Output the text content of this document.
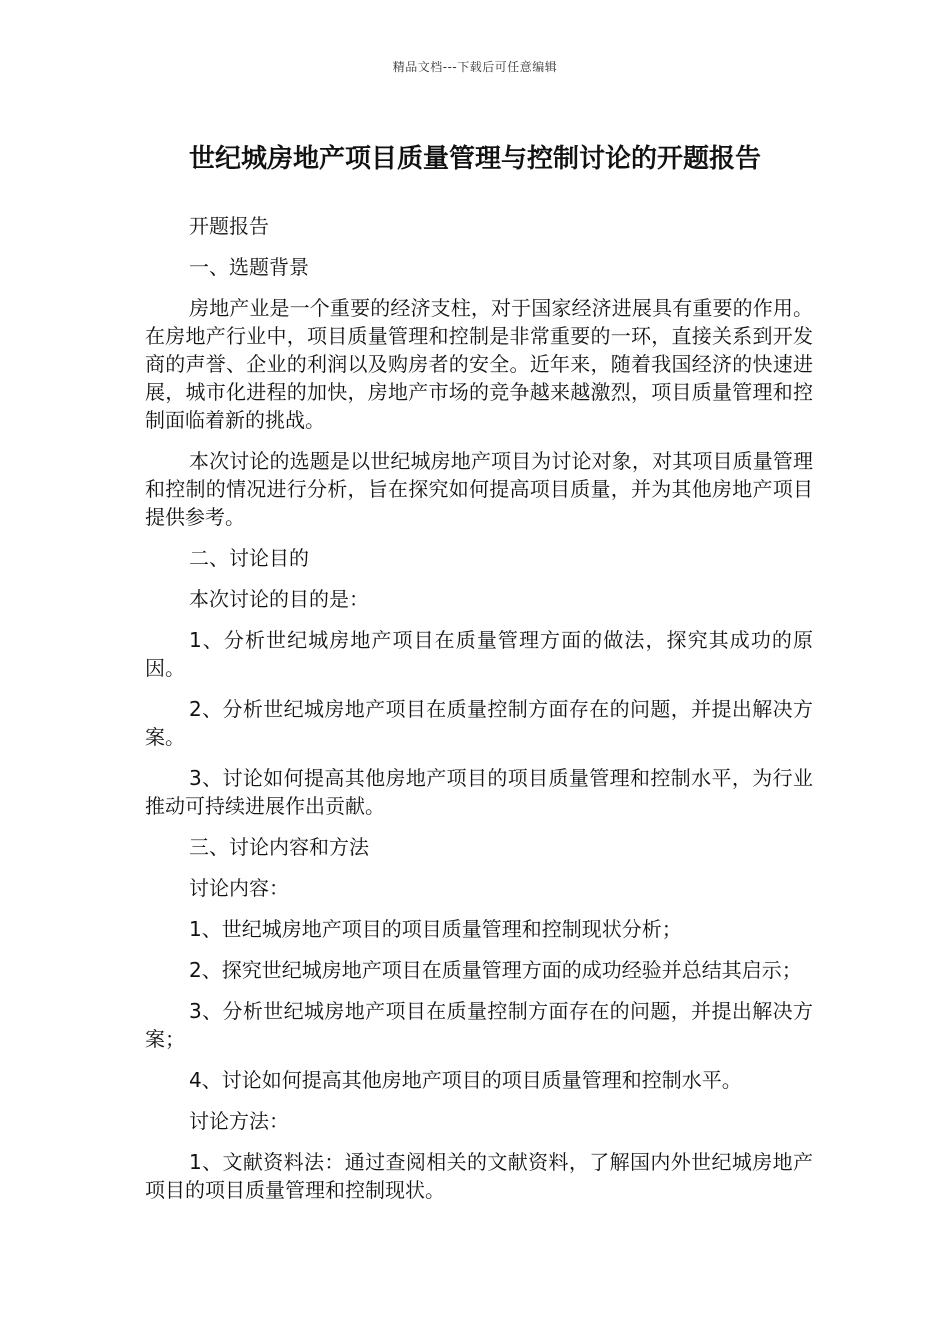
精品文档---下载后可任意编辑
世纪城房地产项目质量管理与控制讨论的开题报告

开题报告

一、选题背景

房地产业是一个重要的经济支柱，对于国家经济进展具有重要的作用。在房地产行业中，项目质量管理和控制是非常重要的一环，直接关系到开发商的声誉、企业的利润以及购房者的安全。近年来，随着我国经济的快速进展，城市化进程的加快，房地产市场的竞争越来越激烈，项目质量管理和控制面临着新的挑战。

本次讨论的选题是以世纪城房地产项目为讨论对象，对其项目质量管理和控制的情况进行分析，旨在探究如何提高项目质量，并为其他房地产项目提供参考。

二、讨论目的

本次讨论的目的是：

1、分析世纪城房地产项目在质量管理方面的做法，探究其成功的原因。

2、分析世纪城房地产项目在质量控制方面存在的问题，并提出解决方案。

3、讨论如何提高其他房地产项目的项目质量管理和控制水平，为行业推动可持续进展作出贡献。

三、讨论内容和方法

讨论内容：

1、世纪城房地产项目的项目质量管理和控制现状分析；

2、探究世纪城房地产项目在质量管理方面的成功经验并总结其启示；

3、分析世纪城房地产项目在质量控制方面存在的问题，并提出解决方案；

4、讨论如何提高其他房地产项目的项目质量管理和控制水平。

讨论方法：

1、文献资料法：通过查阅相关的文献资料，了解国内外世纪城房地产项目的项目质量管理和控制现状。
